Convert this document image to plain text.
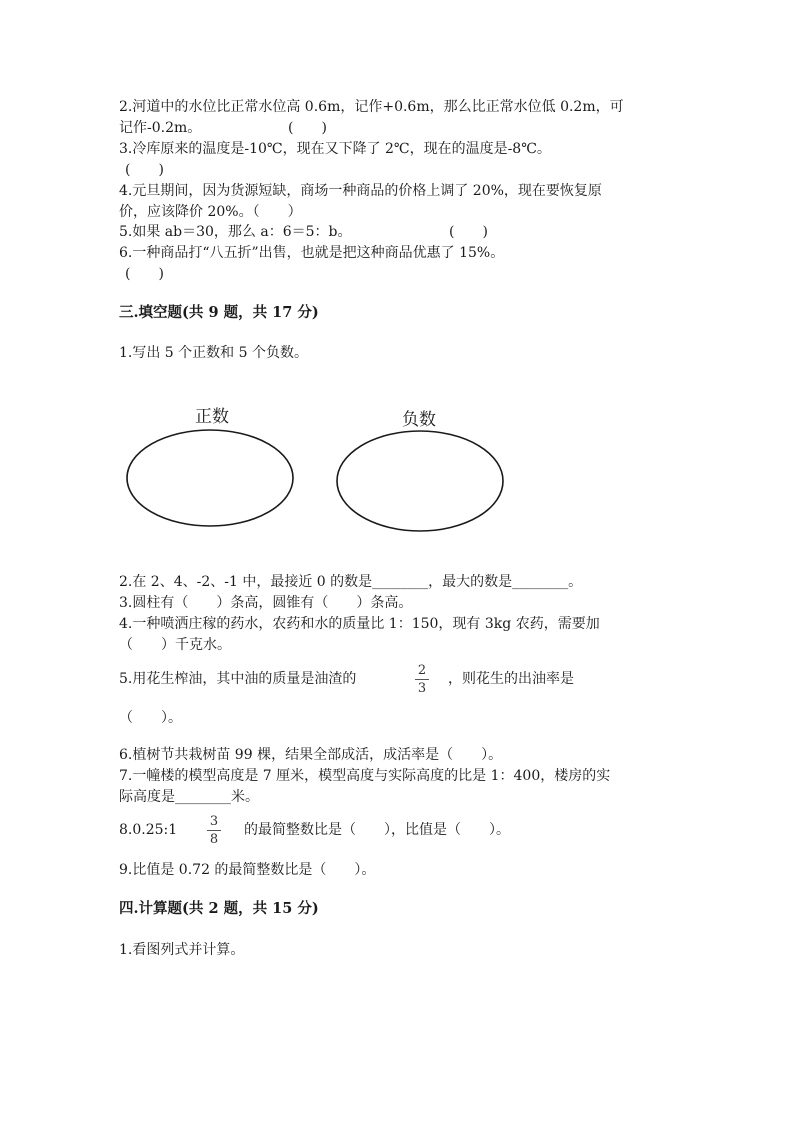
2.河道中的水位比正常水位高 0.6m，记作+0.6m，那么比正常水位低 0.2m，可
记作-0.2m。	(　　)
3.冷库原来的温度是-10℃，现在又下降了 2℃，现在的温度是-8℃。
(　　)
4.元旦期间，因为货源短缺，商场一种商品的价格上调了 20%，现在要恢复原
价，应该降价 20%。（　　）
5.如果 ab＝30，那么 a：6＝5：b。	(　　)
6.一种商品打“八五折”出售，也就是把这种商品优惠了 15%。
(　　)
三.填空题(共 9 题，共 17 分)
1.写出 5 个正数和 5 个负数。
正数	负数
2.在 2、4、-2、-1 中，最接近 0 的数是________，最大的数是________。
3.圆柱有（　　）条高，圆锥有（　　）条高。
4.一种喷洒庄稼的药水，农药和水的质量比 1：150，现有 3kg 农药，需要加
（　　）千克水。
5.用花生榨油，其中油的质量是油渣的
2
3
，则花生的出油率是
（　　）。
6.植树节共栽树苗 99 棵，结果全部成活，成活率是（　　）。
7.一幢楼的模型高度是 7 厘米，模型高度与实际高度的比是 1：400，楼房的实
际高度是________米。
8.0.25:1
3
8
的最简整数比是（　　），比值是（　　）。
9.比值是 0.72 的最简整数比是（　　）。
四.计算题(共 2 题，共 15 分)
1.看图列式并计算。
